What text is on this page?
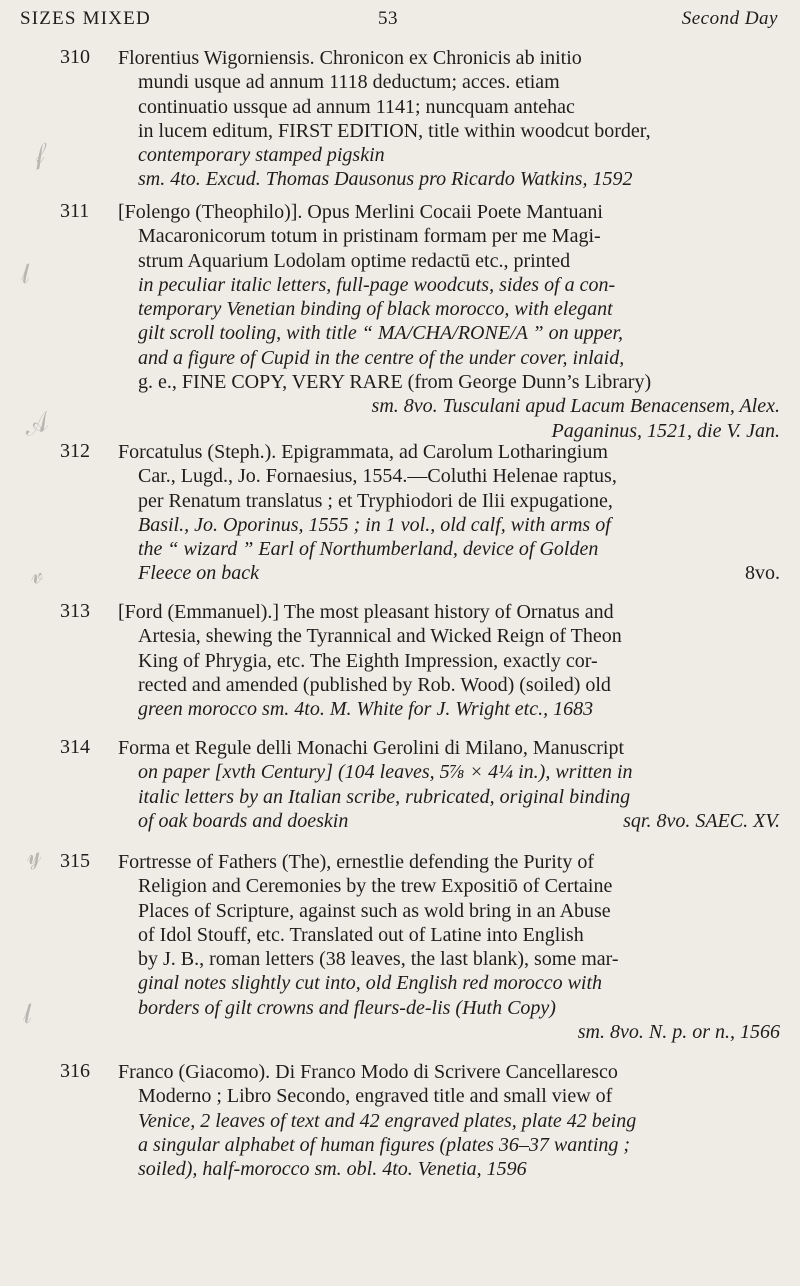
SIZES MIXED	53	Second Day
𝒻
𝓁
𝒜
𝓋
𝓎
𝓁
310 Florentius Wigorniensis. Chronicon ex Chronicis ab initio
mundi usque ad annum 1118 deductum; acces. etiam
continuatio ussque ad annum 1141; nuncquam antehac
in lucem editum, FIRST EDITION, title within woodcut border,
contemporary stamped pigskin
sm. 4to. Excud. Thomas Dausonus pro Ricardo Watkins, 1592
311 [Folengo (Theophilo)]. Opus Merlini Cocaii Poete Mantuani
Macaronicorum totum in pristinam formam per me Magi-
strum Aquarium Lodolam optime redactū etc., printed
in peculiar italic letters, full-page woodcuts, sides of a con-
temporary Venetian binding of black morocco, with elegant
gilt scroll tooling, with title “ MA/CHA/RONE/A ” on upper,
and a figure of Cupid in the centre of the under cover, inlaid,
g. e., FINE COPY, VERY RARE (from George Dunn’s Library)
sm. 8vo. Tusculani apud Lacum Benacensem, Alex.
Paganinus, 1521, die V. Jan.
312 Forcatulus (Steph.). Epigrammata, ad Carolum Lotharingium
Car., Lugd., Jo. Fornaesius, 1554.—Coluthi Helenae raptus,
per Renatum translatus ; et Tryphiodori de Ilii expugatione,
Basil., Jo. Oporinus, 1555 ; in 1 vol., old calf, with arms of
the “ wizard ” Earl of Northumberland, device of Golden
Fleece on back	8vo.
313 [Ford (Emmanuel).] The most pleasant history of Ornatus and
Artesia, shewing the Tyrannical and Wicked Reign of Theon
King of Phrygia, etc. The Eighth Impression, exactly cor-
rected and amended (published by Rob. Wood) (soiled) old
green morocco sm. 4to. M. White for J. Wright etc., 1683
314 Forma et Regule delli Monachi Gerolini di Milano, Manuscript
on paper [xvth Century] (104 leaves, 5⅞ × 4¼ in.), written in
italic letters by an Italian scribe, rubricated, original binding
of oak boards and doeskin	sqr. 8vo. SAEC. XV.
315 Fortresse of Fathers (The), ernestlie defending the Purity of
Religion and Ceremonies by the trew Expositiō of Certaine
Places of Scripture, against such as wold bring in an Abuse
of Idol Stouff, etc. Translated out of Latine into English
by J. B., roman letters (38 leaves, the last blank), some mar-
ginal notes slightly cut into, old English red morocco with
borders of gilt crowns and fleurs-de-lis (Huth Copy)
sm. 8vo. N. p. or n., 1566
316 Franco (Giacomo). Di Franco Modo di Scrivere Cancellaresco
Moderno ; Libro Secondo, engraved title and small view of
Venice, 2 leaves of text and 42 engraved plates, plate 42 being
a singular alphabet of human figures (plates 36–37 wanting ;
soiled), half-morocco sm. obl. 4to. Venetia, 1596
